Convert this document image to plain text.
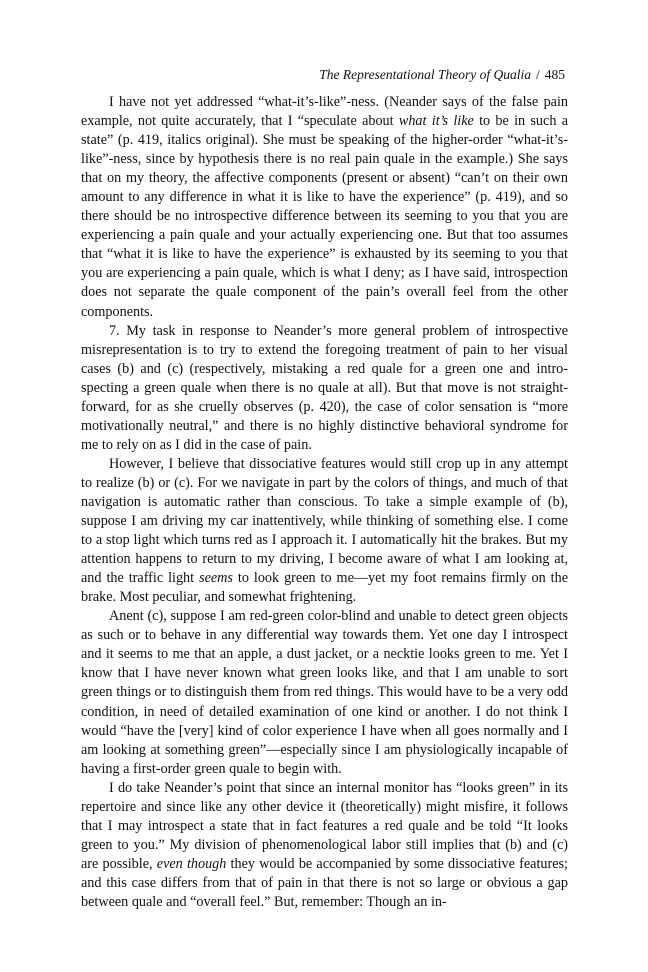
The Representational Theory of Qualia / 485

I have not yet addressed “what-it’s-like”-ness. (Neander says of the false pain example, not quite accurately, that I “speculate about what it’s like to be in such a state” (p. 419, italics original). She must be speaking of the higher-order “what-it’s-like”-ness, since by hypothesis there is no real pain quale in the example.) She says that on my theory, the affective components (present or absent) “can’t on their own amount to any difference in what it is like to have the experience” (p. 419), and so there should be no introspective difference between its seeming to you that you are experiencing a pain quale and your actually experiencing one. But that too assumes that “what it is like to have the experience” is exhausted by its seeming to you that you are experiencing a pain quale, which is what I deny; as I have said, introspection does not separate the quale component of the pain’s overall feel from the other components.

7. My task in response to Neander’s more general problem of introspective misrepresentation is to try to extend the foregoing treatment of pain to her visual cases (b) and (c) (respectively, mistaking a red quale for a green one and introspecting a green quale when there is no quale at all). But that move is not straightforward, for as she cruelly observes (p. 420), the case of color sensation is “more motivationally neutral,” and there is no highly distinctive behavioral syndrome for me to rely on as I did in the case of pain.

However, I believe that dissociative features would still crop up in any attempt to realize (b) or (c). For we navigate in part by the colors of things, and much of that navigation is automatic rather than conscious. To take a simple example of (b), suppose I am driving my car inattentively, while thinking of something else. I come to a stop light which turns red as I approach it. I automatically hit the brakes. But my attention happens to return to my driving, I become aware of what I am looking at, and the traffic light seems to look green to me—yet my foot remains firmly on the brake. Most peculiar, and somewhat frightening.

Anent (c), suppose I am red-green color-blind and unable to detect green objects as such or to behave in any differential way towards them. Yet one day I introspect and it seems to me that an apple, a dust jacket, or a necktie looks green to me. Yet I know that I have never known what green looks like, and that I am unable to sort green things or to distinguish them from red things. This would have to be a very odd condition, in need of detailed examination of one kind or another. I do not think I would “have the [very] kind of color experience I have when all goes normally and I am looking at something green”—especially since I am physiologically incapable of having a first-order green quale to begin with.

I do take Neander’s point that since an internal monitor has “looks green” in its repertoire and since like any other device it (theoretically) might misfire, it follows that I may introspect a state that in fact features a red quale and be told “It looks green to you.” My division of phenomenological labor still implies that (b) and (c) are possible, even though they would be accompanied by some dissociative features; and this case differs from that of pain in that there is not so large or obvious a gap between quale and “overall feel.” But, remember: Though an in-
